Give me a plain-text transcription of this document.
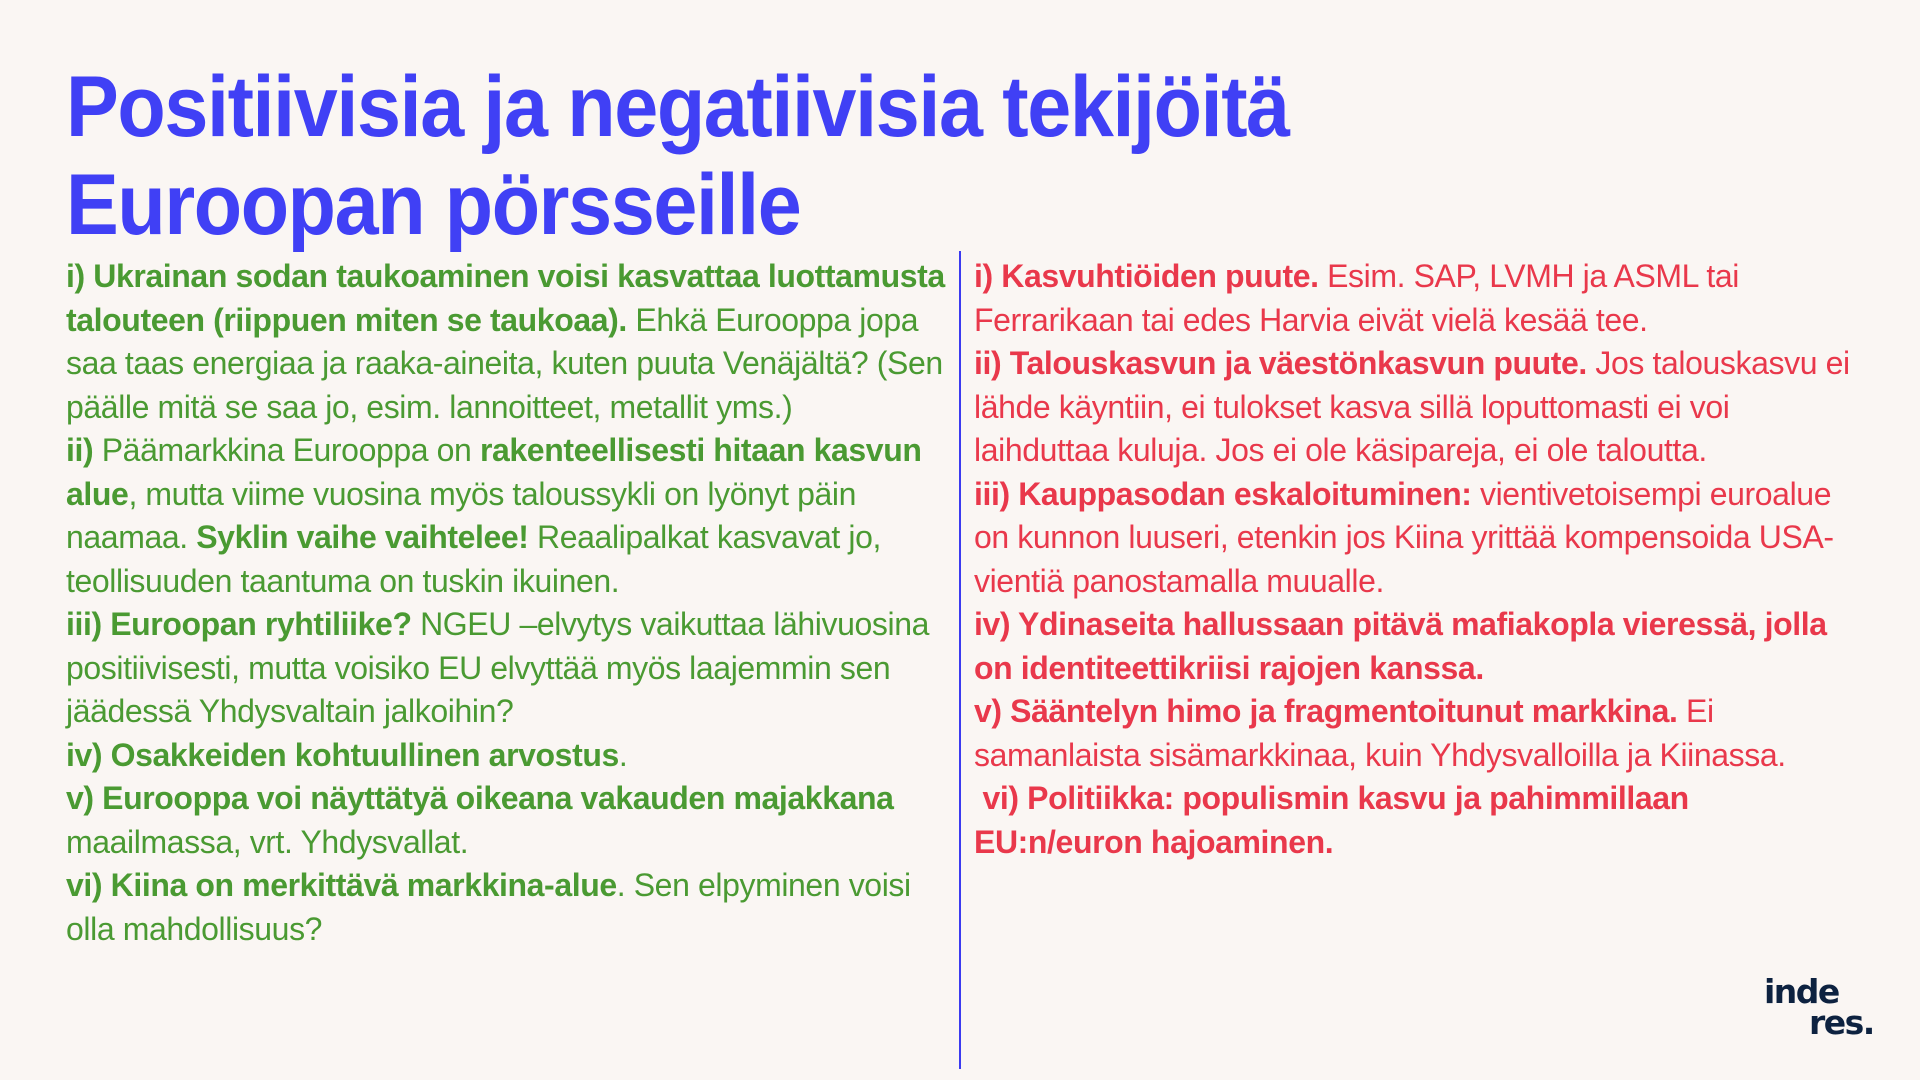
Positiivisia ja negatiivisia tekijöitä
Euroopan pörsseille

i) Ukrainan sodan taukoaminen voisi kasvattaa luottamusta talouteen (riippuen miten se taukoaa). Ehkä Eurooppa jopa saa taas energiaa ja raaka-aineita, kuten puuta Venäjältä? (Sen päälle mitä se saa jo, esim. lannoitteet, metallit yms.)

ii) Päämarkkina Eurooppa on rakenteellisesti hitaan kasvun alue, mutta viime vuosina myös taloussykli on lyönyt päin naamaa. Syklin vaihe vaihtelee! Reaalipalkat kasvavat jo, teollisuuden taantuma on tuskin ikuinen.

iii) Euroopan ryhtiliike? NGEU –elvytys vaikuttaa lähivuosina positiivisesti, mutta voisiko EU elvyttää myös laajemmin sen jäädessä Yhdysvaltain jalkoihin?

iv) Osakkeiden kohtuullinen arvostus.

v) Eurooppa voi näyttätyä oikeana vakauden majakkana maailmassa, vrt. Yhdysvallat.

vi) Kiina on merkittävä markkina-alue. Sen elpyminen voisi olla mahdollisuus?

i) Kasvuhtiöiden puute. Esim. SAP, LVMH ja ASML tai Ferrarikaan tai edes Harvia eivät vielä kesää tee.

ii) Talouskasvun ja väestönkasvun puute. Jos talouskasvu ei lähde käyntiin, ei tulokset kasva sillä loputtomasti ei voi laihduttaa kuluja. Jos ei ole käsipareja, ei ole taloutta.

iii) Kauppasodan eskaloituminen: vientivetoisempi euroalue on kunnon luuseri, etenkin jos Kiina yrittää kompensoida USA-vientiä panostamalla muualle.

iv) Ydinaseita hallussaan pitävä mafiakopla vieressä, jolla on identiteettikriisi rajojen kanssa.

v) Sääntelyn himo ja fragmentoitunut markkina. Ei samanlaista sisämarkkinaa, kuin Yhdysvalloilla ja Kiinassa.

vi) Politiikka: populismin kasvu ja pahimmillaan EU:n/euron hajoaminen.

inde
res.
